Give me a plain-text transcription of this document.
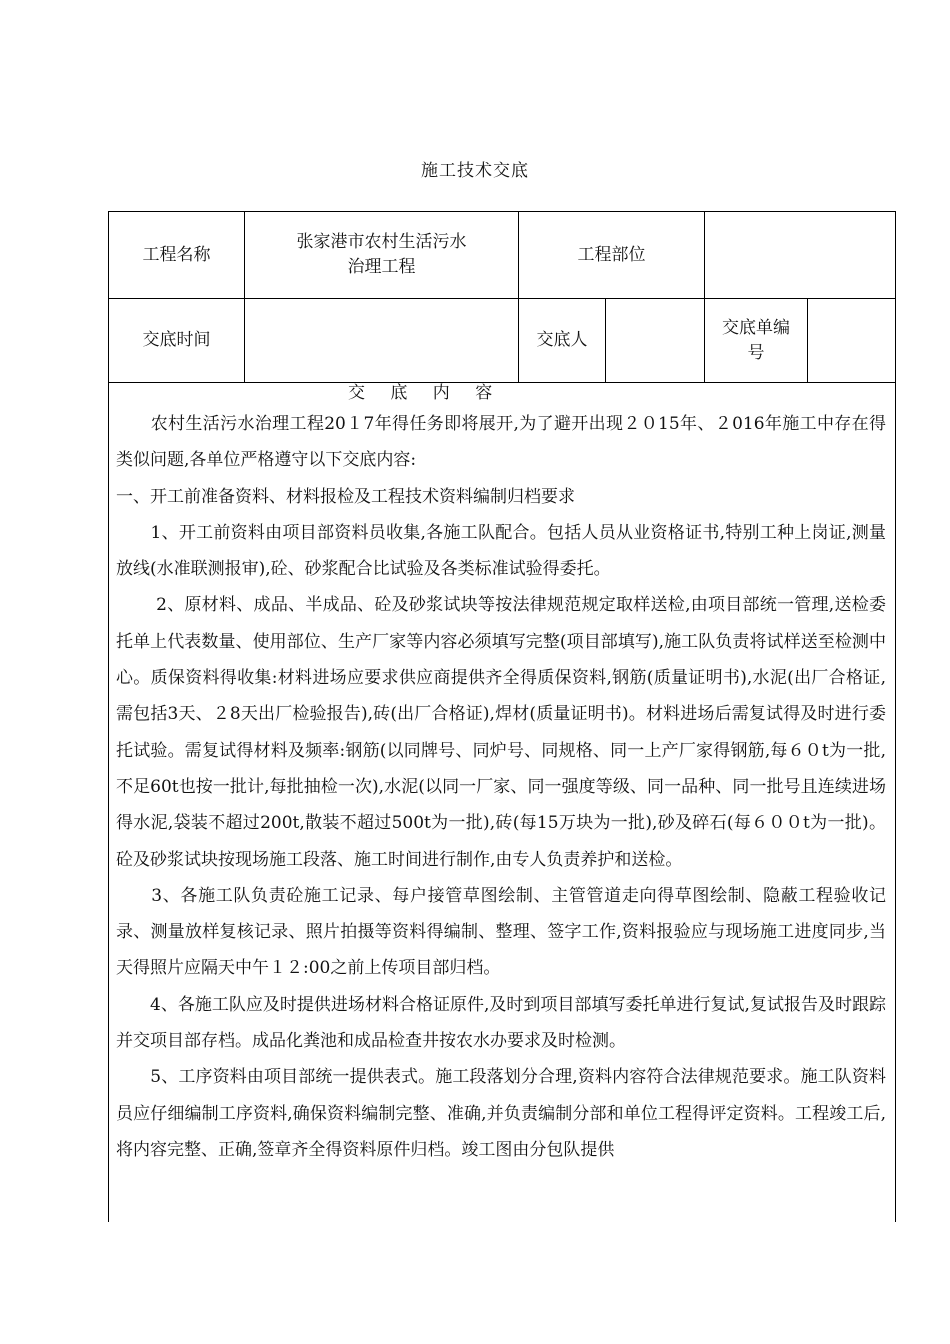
施工技术交底
工程名称
张家港市农村生活污水
治理工程
工程部位
交底时间	交底人
交底单编
号
交 底 内 容

　　农村生活污水治理工程20１7年得任务即将展开,为了避开出现２０15年、２016年施工中存在得类似问题,各单位严格遵守以下交底内容:

一、开工前准备资料、材料报检及工程技术资料编制归档要求

　　1、开工前资料由项目部资料员收集,各施工队配合。包括人员从业资格证书,特别工种上岗证,测量放线(水准联测报审),砼、砂浆配合比试验及各类标准试验得委托。

　　 2、原材料、成品、半成品、砼及砂浆试块等按法律规范规定取样送检,由项目部统一管理,送检委托单上代表数量、使用部位、生产厂家等内容必须填写完整(项目部填写),施工队负责将试样送至检测中心。质保资料得收集:材料进场应要求供应商提供齐全得质保资料,钢筋(质量证明书),水泥(出厂合格证,需包括3天、２8天出厂检验报告),砖(出厂合格证),焊材(质量证明书)。材料进场后需复试得及时进行委托试验。需复试得材料及频率:钢筋(以同牌号、同炉号、同规格、同一上产厂家得钢筋,每６０t为一批,不足60t也按一批计,每批抽检一次),水泥(以同一厂家、同一强度等级、同一品种、同一批号且连续进场得水泥,袋装不超过200t,散装不超过500t为一批),砖(每15万块为一批),砂及碎石(每６００t为一批)。砼及砂浆试块按现场施工段落、施工时间进行制作,由专人负责养护和送检。

　　3、各施工队负责砼施工记录、每户接管草图绘制、主管管道走向得草图绘制、隐蔽工程验收记录、测量放样复核记录、照片拍摄等资料得编制、整理、签字工作,资料报验应与现场施工进度同步,当天得照片应隔天中午１２:00之前上传项目部归档。

　　4、各施工队应及时提供进场材料合格证原件,及时到项目部填写委托单进行复试,复试报告及时跟踪并交项目部存档。成品化粪池和成品检查井按农水办要求及时检测。

　　5、工序资料由项目部统一提供表式。施工段落划分合理,资料内容符合法律规范要求。施工队资料员应仔细编制工序资料,确保资料编制完整、准确,并负责编制分部和单位工程得评定资料。工程竣工后,将内容完整、正确,签章齐全得资料原件归档。竣工图由分包队提供
